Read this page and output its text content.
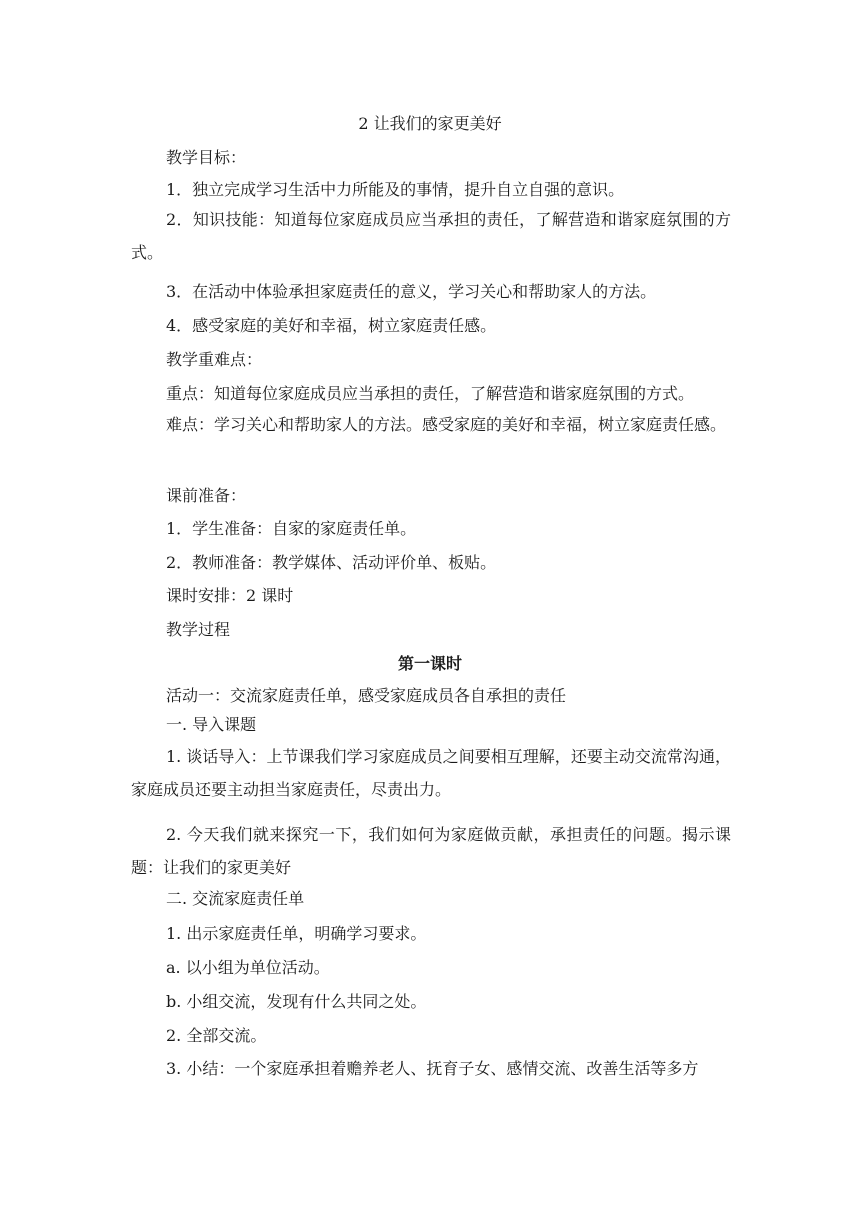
2 让我们的家更美好
教学目标：
1．独立完成学习生活中力所能及的事情，提升自立自强的意识。
2．知识技能：知道每位家庭成员应当承担的责任，了解营造和谐家庭氛围的方式。
3．在活动中体验承担家庭责任的意义，学习关心和帮助家人的方法。
4．感受家庭的美好和幸福，树立家庭责任感。
教学重难点：
重点：知道每位家庭成员应当承担的责任，了解营造和谐家庭氛围的方式。
难点：学习关心和帮助家人的方法。感受家庭的美好和幸福，树立家庭责任感。
课前准备：
1．学生准备：自家的家庭责任单。
2．教师准备：教学媒体、活动评价单、板贴。
课时安排：2 课时
教学过程
第一课时
活动一：交流家庭责任单，感受家庭成员各自承担的责任
一. 导入课题
1. 谈话导入：上节课我们学习家庭成员之间要相互理解，还要主动交流常沟通，家庭成员还要主动担当家庭责任，尽责出力。
2. 今天我们就来探究一下，我们如何为家庭做贡献，承担责任的问题。揭示课题：让我们的家更美好
二. 交流家庭责任单
1. 出示家庭责任单，明确学习要求。
a. 以小组为单位活动。
b. 小组交流，发现有什么共同之处。
2. 全部交流。
3. 小结：一个家庭承担着赡养老人、抚育子女、感情交流、改善生活等多方
